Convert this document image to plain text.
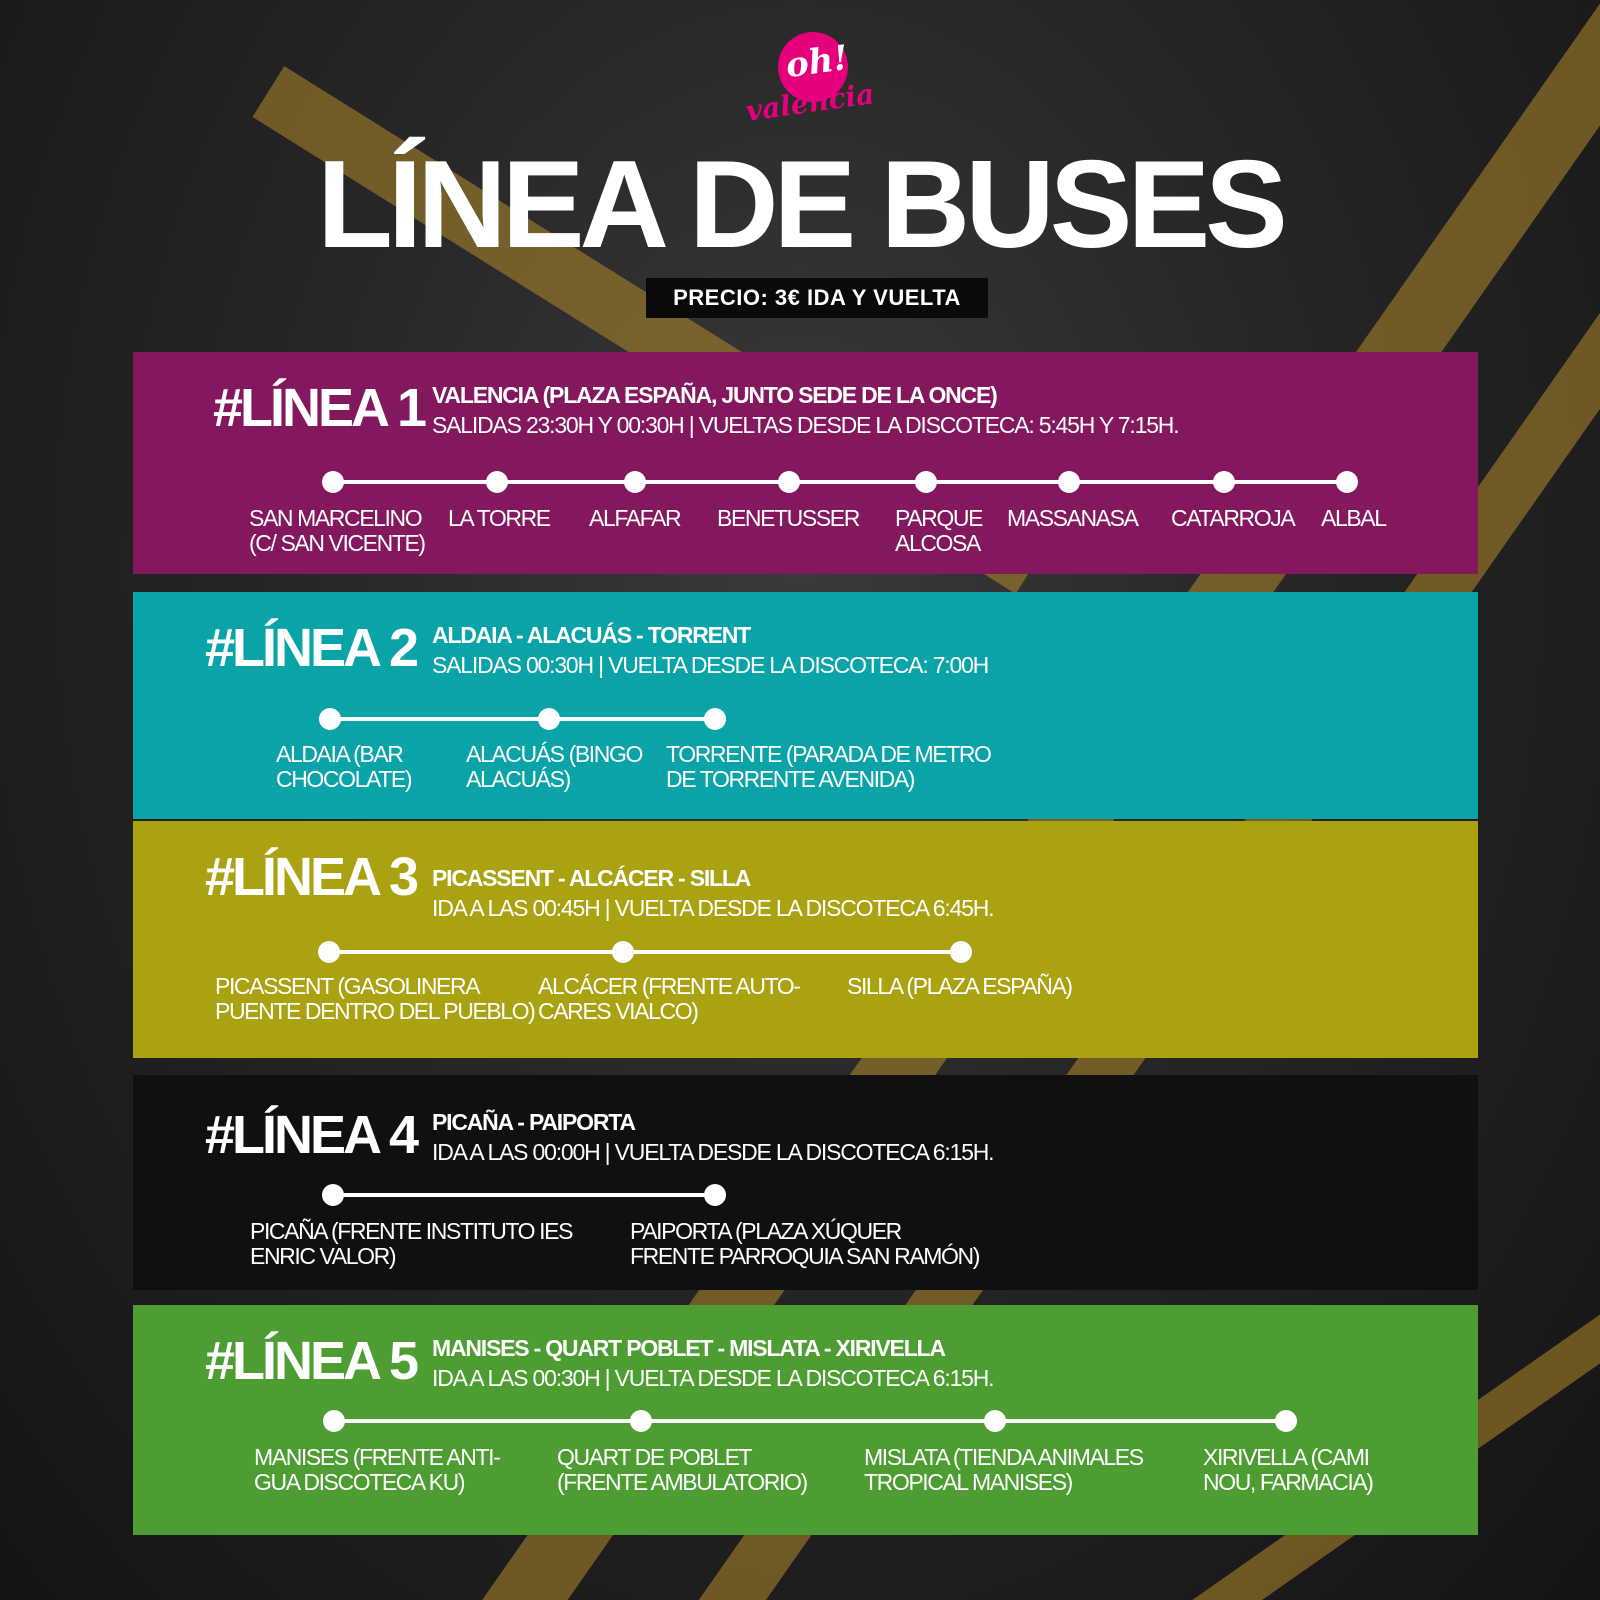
oh!
valencia
LÍNEA DE BUSES
PRECIO: 3€ IDA Y VUELTA
#LÍNEA 1 VALENCIA (PLAZA ESPAÑA, JUNTO SEDE DE LA ONCE)
SALIDAS 23:30H Y 00:30H | VUELTAS DESDE LA DISCOTECA: 5:45H Y 7:15H.
SAN MARCELINO
(C/ SAN VICENTE)
LA TORRE ALFAFAR BENETUSSER PARQUE
ALCOSA
MASSANASA CATARROJA ALBAL
#LÍNEA 2 ALDAIA - ALACUÁS - TORRENT
SALIDAS 00:30H | VUELTA DESDE LA DISCOTECA: 7:00H
ALDAIA (BAR
CHOCOLATE)
ALACUÁS (BINGO
ALACUÁS)
TORRENTE (PARADA DE METRO
DE TORRENTE AVENIDA)
#LÍNEA 3 PICASSENT - ALCÁCER - SILLA
IDA A LAS 00:45H | VUELTA DESDE LA DISCOTECA 6:45H.
PICASSENT (GASOLINERA
PUENTE DENTRO DEL PUEBLO)
ALCÁCER (FRENTE AUTO-
CARES VIALCO)
SILLA (PLAZA ESPAÑA)
#LÍNEA 4 PICAÑA - PAIPORTA
IDA A LAS 00:00H | VUELTA DESDE LA DISCOTECA 6:15H.
PICAÑA (FRENTE INSTITUTO IES
ENRIC VALOR)
PAIPORTA (PLAZA XÚQUER
FRENTE PARROQUIA SAN RAMÓN)
#LÍNEA 5 MANISES - QUART POBLET - MISLATA - XIRIVELLA
IDA A LAS 00:30H | VUELTA DESDE LA DISCOTECA 6:15H.
MANISES (FRENTE ANTI-
GUA DISCOTECA KU)
QUART DE POBLET
(FRENTE AMBULATORIO)
MISLATA (TIENDA ANIMALES
TROPICAL MANISES)
XIRIVELLA (CAMI
NOU, FARMACIA)
